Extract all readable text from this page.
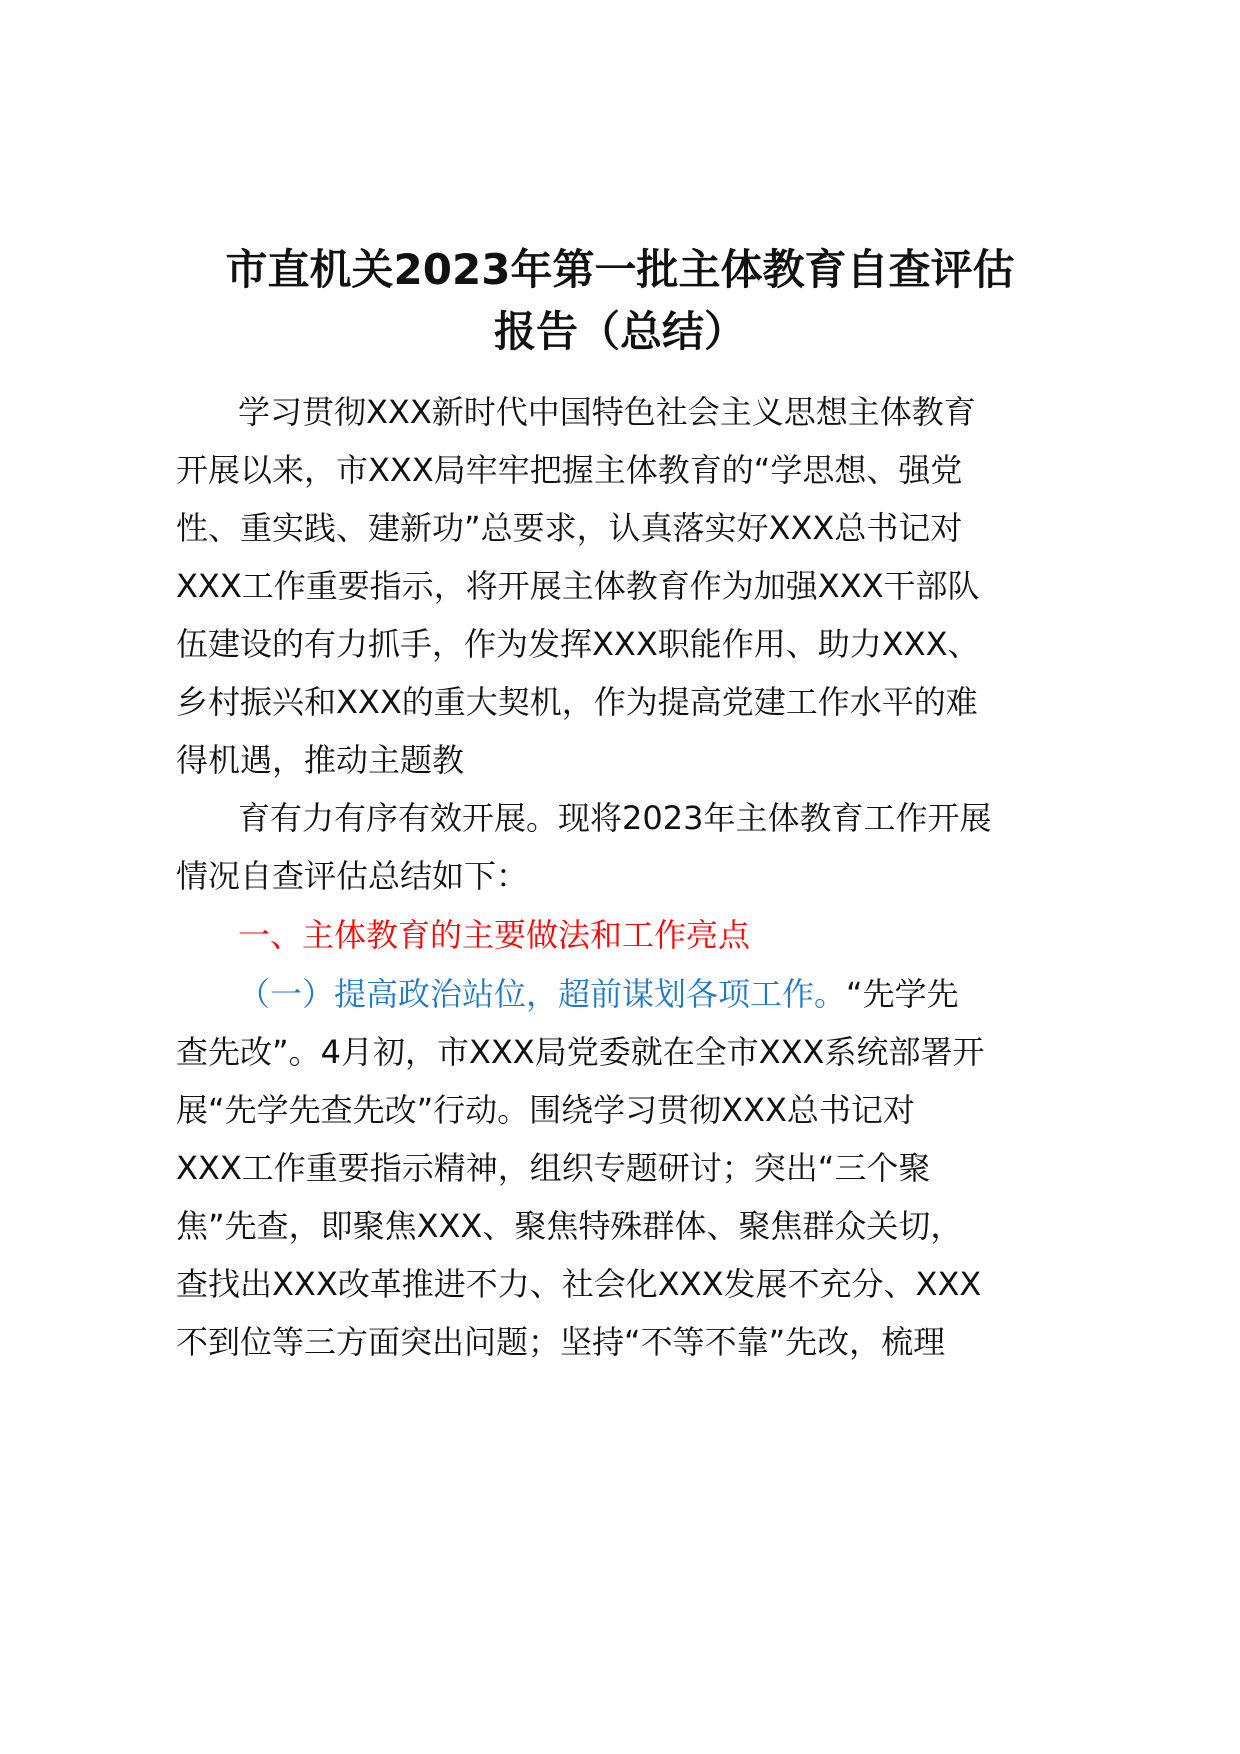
市直机关2023年第一批主体教育自查评估
报告（总结）

学习贯彻XXX新时代中国特色社会主义思想主体教育

开展以来，市XXX局牢牢把握主体教育的“学思想、强党

性、重实践、建新功”总要求，认真落实好XXX总书记对

XXX工作重要指示，将开展主体教育作为加强XXX干部队

伍建设的有力抓手，作为发挥XXX职能作用、助力XXX、

乡村振兴和XXX的重大契机，作为提高党建工作水平的难

得机遇，推动主题教

育有力有序有效开展。现将2023年主体教育工作开展

情况自查评估总结如下：

一、主体教育的主要做法和工作亮点

（一）提高政治站位，超前谋划各项工作。“先学先

查先改”。4月初，市XXX局党委就在全市XXX系统部署开

展“先学先查先改”行动。围绕学习贯彻XXX总书记对

XXX工作重要指示精神，组织专题研讨；突出“三个聚

焦”先查，即聚焦XXX、聚焦特殊群体、聚焦群众关切，

查找出XXX改革推进不力、社会化XXX发展不充分、XXX

不到位等三方面突出问题；坚持“不等不靠”先改，梳理
